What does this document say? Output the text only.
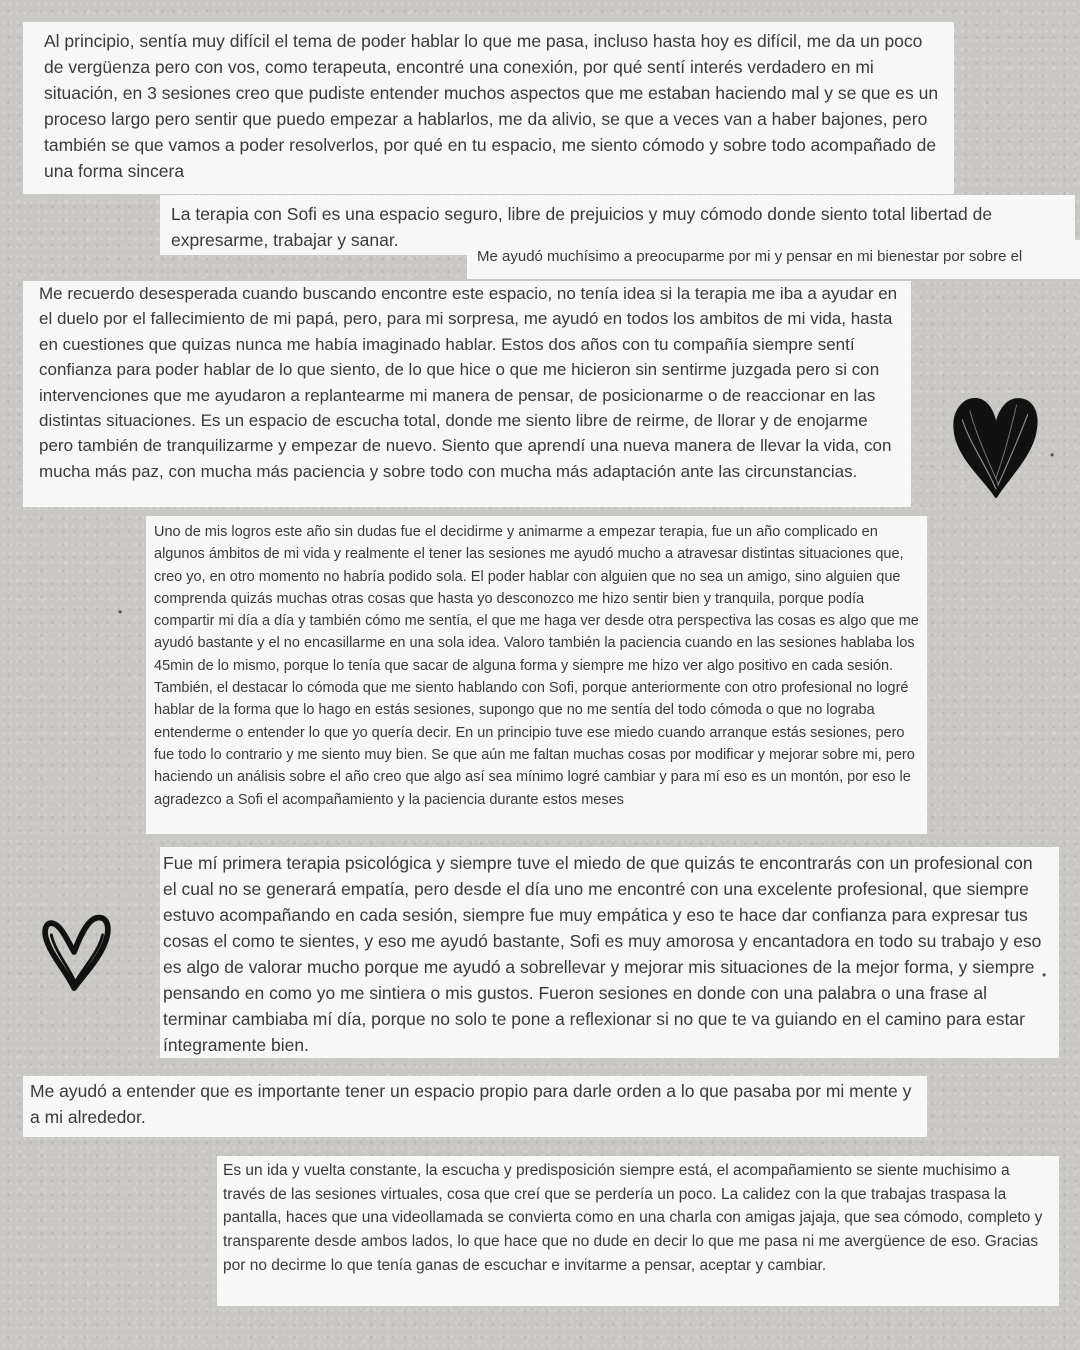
Al principio, sentía muy difícil el tema de poder hablar lo que me pasa, incluso hasta hoy es difícil, me da un poco de vergüenza pero con vos, como terapeuta, encontré una conexión, por qué sentí interés verdadero en mi situación, en 3 sesiones creo que pudiste entender muchos aspectos que me estaban haciendo mal y se que es un proceso largo pero sentir que puedo empezar a hablarlos, me da alivio, se que a veces van a haber bajones, pero también se que vamos a poder resolverlos, por qué en tu espacio, me siento cómodo y sobre todo acompañado de una forma sincera
La terapia con Sofi es una espacio seguro, libre de prejuicios y muy cómodo donde siento total libertad de expresarme, trabajar y sanar.
Me ayudó muchísimo a preocuparme por mi y pensar en mi bienestar por sobre el
Me recuerdo desesperada cuando buscando encontre este espacio, no tenía idea si la terapia me iba a ayudar en el duelo por el fallecimiento de mi papá, pero, para mi sorpresa, me ayudó en todos los ambitos de mi vida, hasta en cuestiones que quizas nunca me había imaginado hablar. Estos dos años con tu compañía siempre sentí confianza para poder hablar de lo que siento, de lo que hice o que me hicieron sin sentirme juzgada pero si con intervenciones que me ayudaron a replantearme mi manera de pensar, de posicionarme o de reaccionar en las distintas situaciones. Es un espacio de escucha total, donde me siento libre de reirme, de llorar y de enojarme pero también de tranquilizarme y empezar de nuevo. Siento que aprendí una nueva manera de llevar la vida, con mucha más paz, con mucha más paciencia y sobre todo con mucha más adaptación ante las circunstancias.
Uno de mis logros este año sin dudas fue el decidirme y animarme a empezar terapia, fue un año complicado en algunos ámbitos de mi vida y realmente el tener las sesiones me ayudó mucho a atravesar distintas situaciones que, creo yo, en otro momento no habría podido sola. El poder hablar con alguien que no sea un amigo, sino alguien que comprenda quizás muchas otras cosas que hasta yo desconozco me hizo sentir bien y tranquila, porque podía compartir mi día a día y también cómo me sentía, el que me haga ver desde otra perspectiva las cosas es algo que me ayudó bastante y el no encasillarme en una sola idea. Valoro también la paciencia cuando en las sesiones hablaba los 45min de lo mismo, porque lo tenía que sacar de alguna forma y siempre me hizo ver algo positivo en cada sesión. También, el destacar lo cómoda que me siento hablando con Sofi, porque anteriormente con otro profesional no logré hablar de la forma que lo hago en estás sesiones, supongo que no me sentía del todo cómoda o que no lograba entenderme o entender lo que yo quería decir. En un principio tuve ese miedo cuando arranque estás sesiones, pero fue todo lo contrario y me siento muy bien. Se que aún me faltan muchas cosas por modificar y mejorar sobre mi, pero haciendo un análisis sobre el año creo que algo así sea mínimo logré cambiar y para mí eso es un montón, por eso le agradezco a Sofi el acompañamiento y la paciencia durante estos meses
Fue mí primera terapia psicológica y siempre tuve el miedo de que quizás te encontrarás con un profesional con el cual no se generará empatía, pero desde el día uno me encontré con una excelente profesional, que siempre estuvo acompañando en cada sesión, siempre fue muy empática y eso te hace dar confianza para expresar tus cosas el como te sientes, y eso me ayudó bastante, Sofi es muy amorosa y encantadora en todo su trabajo y eso es algo de valorar mucho porque me ayudó a sobrellevar y mejorar mis situaciones de la mejor forma, y siempre pensando en como yo me sintiera o mis gustos. Fueron sesiones en donde con una palabra o una frase al terminar cambiaba mí día, porque no solo te pone a reflexionar si no que te va guiando en el camino para estar íntegramente bien.
Me ayudó a entender que es importante tener un espacio propio para darle orden a lo que pasaba por mi mente y a mi alrededor.
Es un ida y vuelta constante, la escucha y predisposición siempre está, el acompañamiento se siente muchisimo a través de las sesiones virtuales, cosa que creí que se perdería un poco. La calidez con la que trabajas traspasa la pantalla, haces que una videollamada se convierta como en una charla con amigas jajaja, que sea cómodo, completo y transparente desde ambos lados, lo que hace que no dude en decir lo que me pasa ni me avergüence de eso. Gracias por no decirme lo que tenía ganas de escuchar e invitarme a pensar, aceptar y cambiar.
•
•
•
